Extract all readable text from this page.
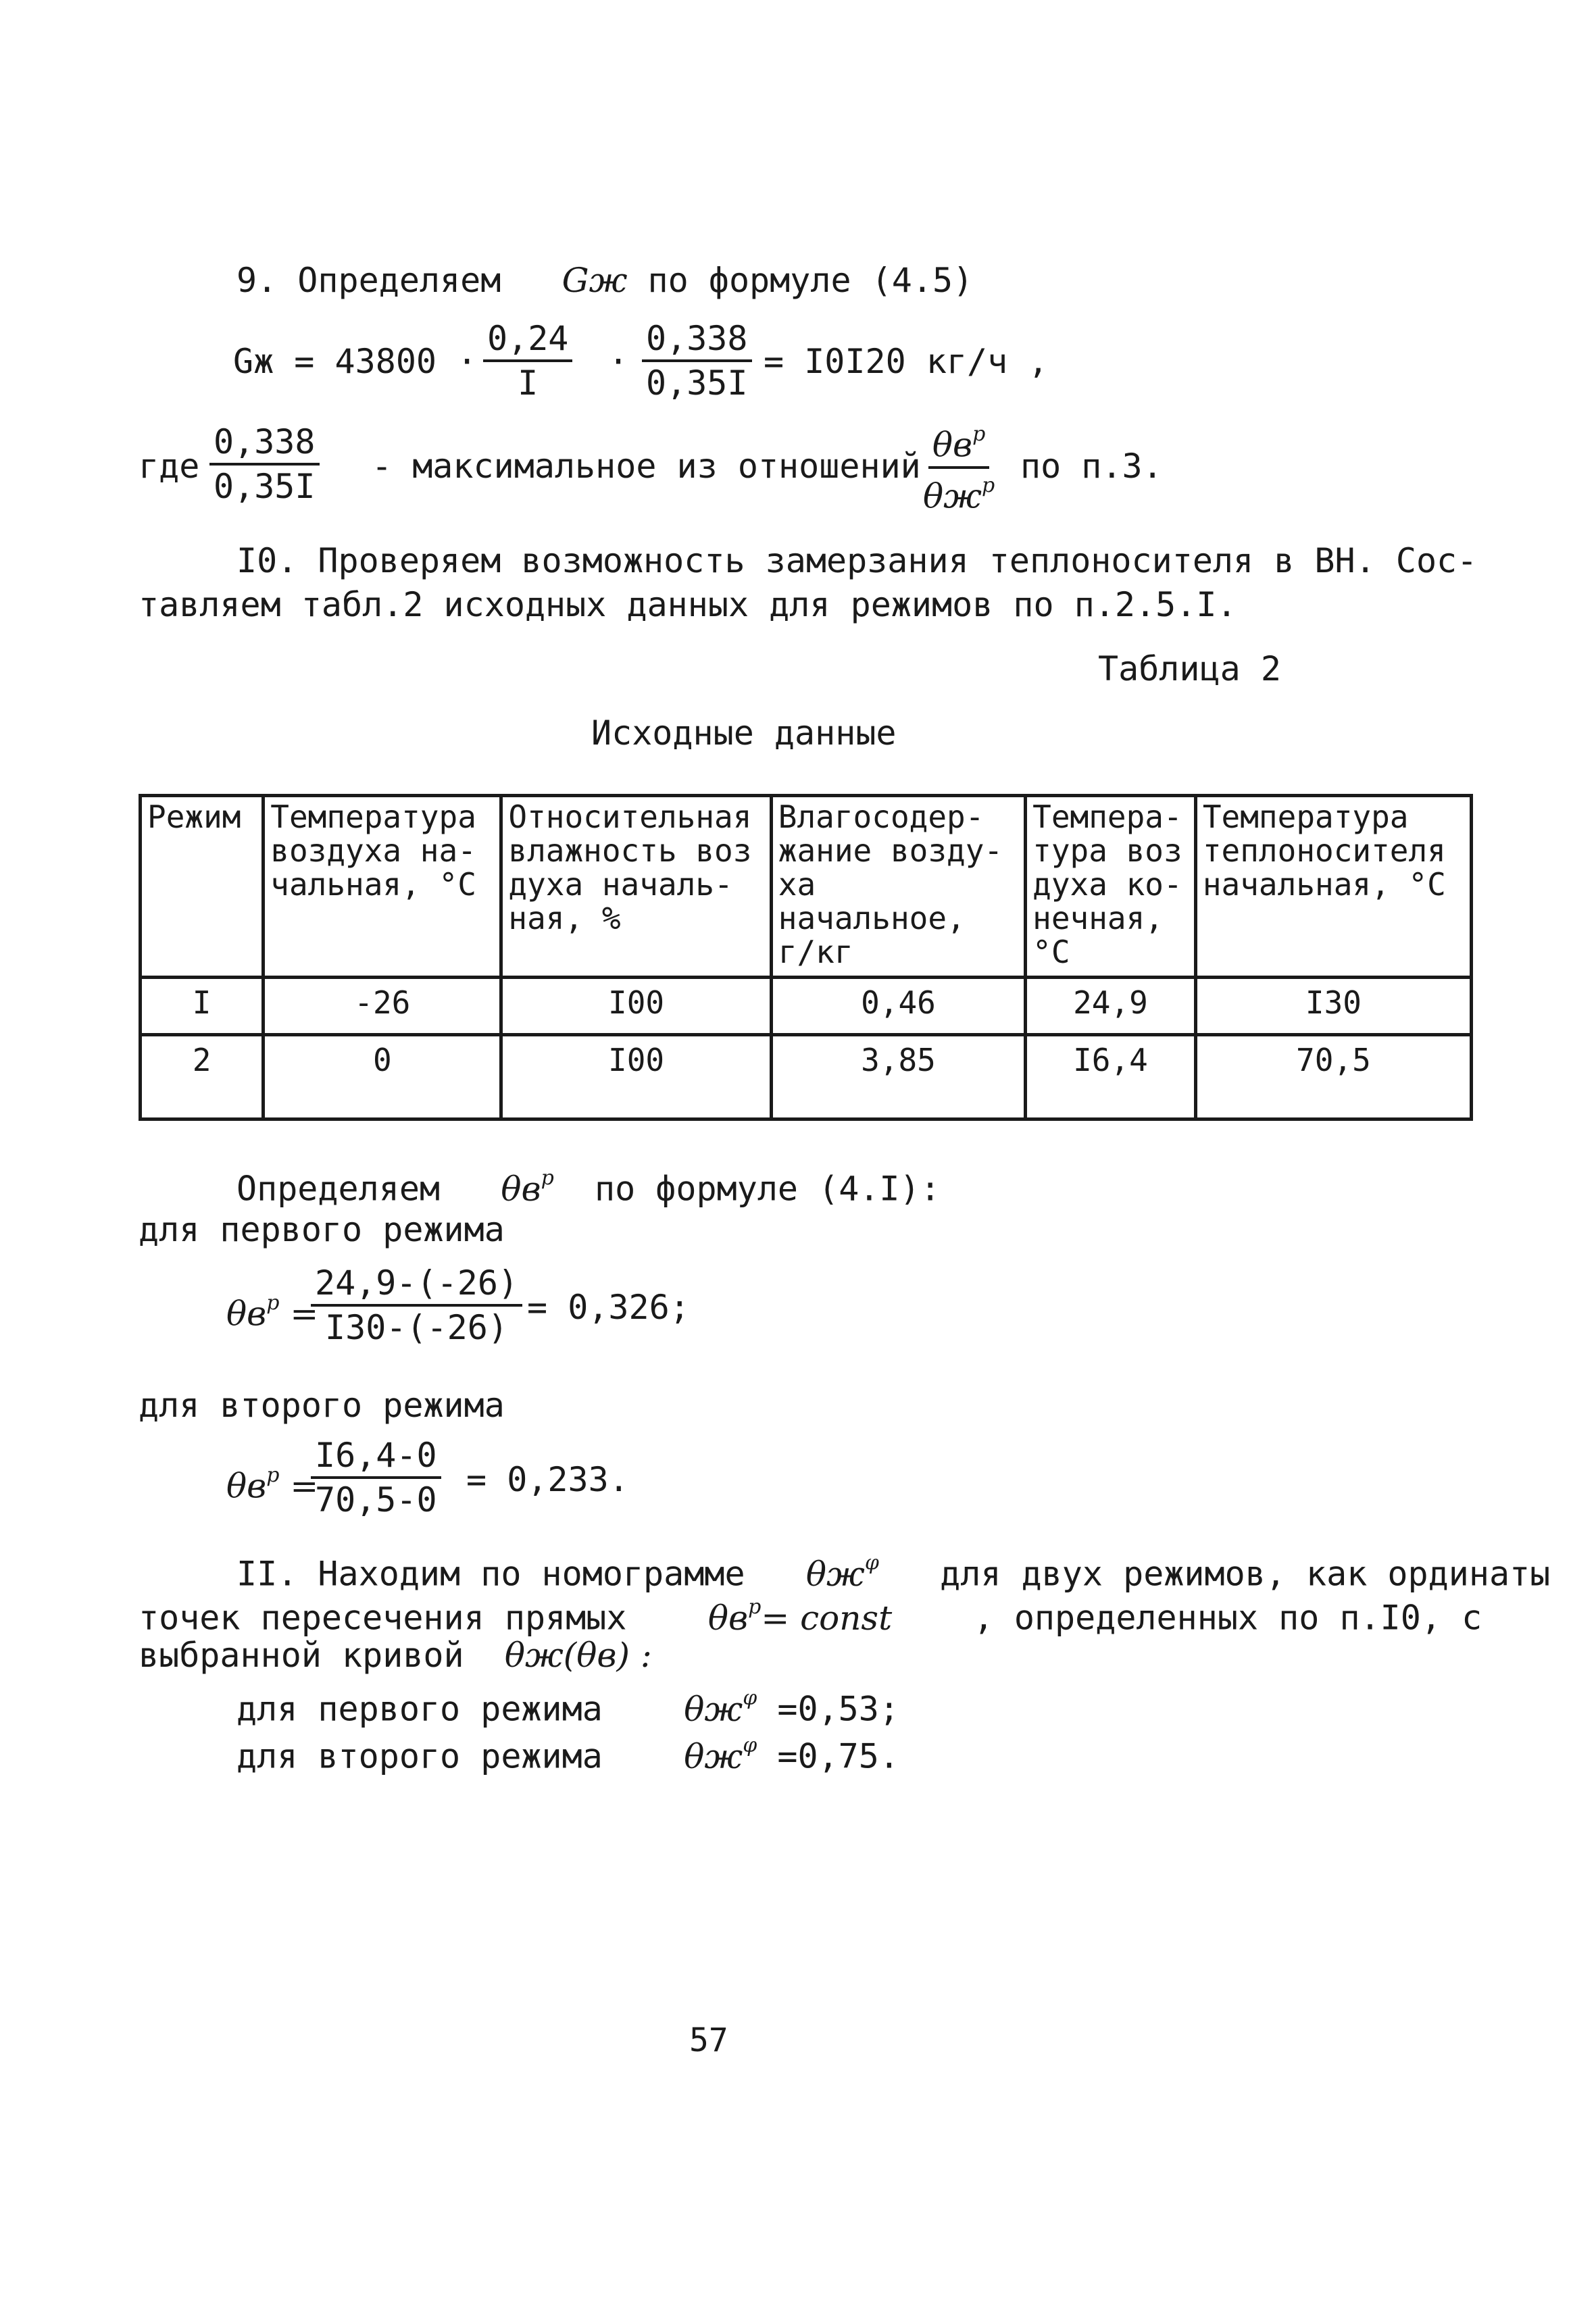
9. Определяем Gж по формуле (4.5)
Gж = $43800 \cdot \frac{0,24}{I} \cdot \frac{0,338}{0,35I} = I0I20$ кг/ч ,
где $\frac{0,338}{0,35I}$ - максимальное из отношений
$\theta в^р$
$\theta ж^р$ по п.3.
I0. Проверяем возможность замерзания теплоносителя в ВН. Сос-
тавляем табл.2 исходных данных для режимов по п.2.5.I.
Таблица 2
Исходные данные
Режим	Температура воздуха на- чальная, °С	Относительная влажность воз духа началь- ная, %	Влагосодер- жание возду- ха начальное, г/кг	Темпера- тура воз духа ко- нечная, °С	Температура теплоносителя начальная, °С
I	-26	I00	0,46	24,9	I30
2	0	I00	3,85	I6,4	70,5
Определяем $\theta в^р$ по формуле (4.I):
для первого режима
$\theta в^р$ =
$\frac{24,9-(-26)}{I30-(-26)} = 0,326$;
для второго режима
$\theta в^р$ =
$\frac{I6,4-0}{70,5-0} = 0,233$.
II. Находим по номограмме $\theta ж^\varphi$ для двух режимов, как ординаты
точек пересечения прямых $\theta в^р=$ const , определенных по п.I0, с
выбранной кривой θж(θв) :
для первого режима $\theta ж^\varphi =0,53$;
для второго режима $\theta ж^\varphi =0,75$.
57
